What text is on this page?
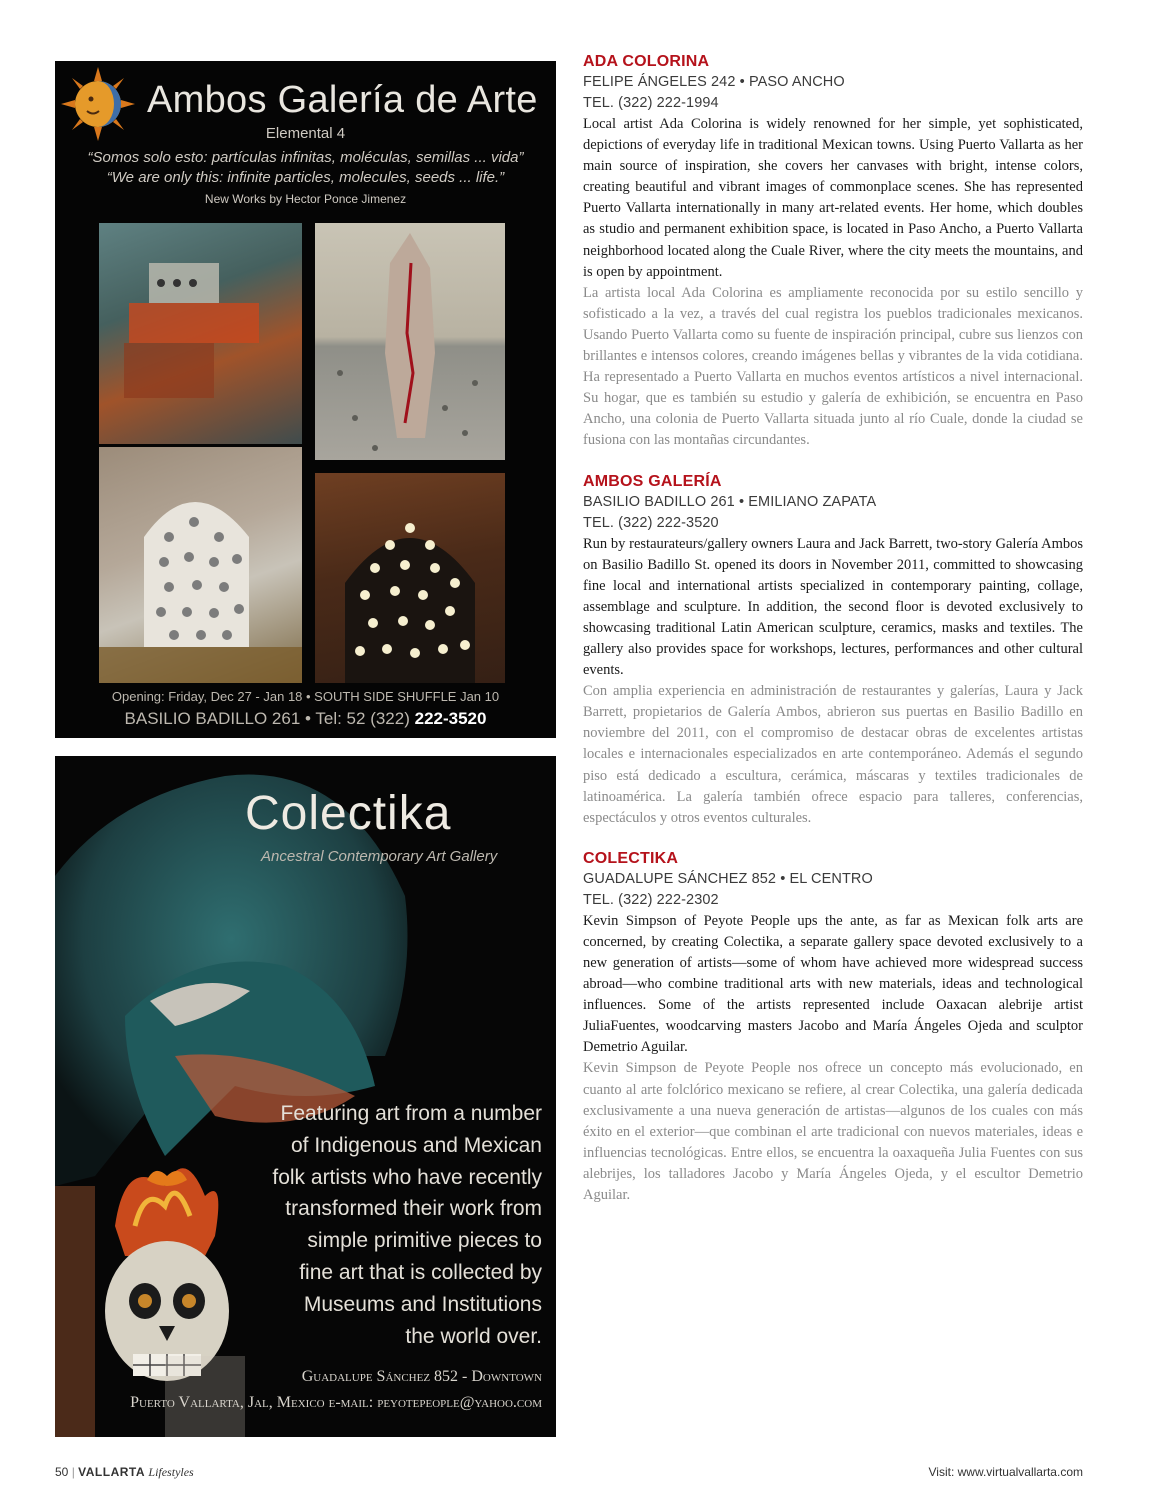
Ambos Galería de Arte
Elemental 4
“Somos solo esto: partículas infinitas, moléculas, semillas ... vida”
“We are only this: infinite particles, molecules, seeds ... life.”
New Works by Hector Ponce Jimenez
Opening: Friday, Dec 27 - Jan 18 • SOUTH SIDE SHUFFLE Jan 10
BASILIO BADILLO 261 • Tel: 52 (322) 222-3520
Colectika
Ancestral Contemporary Art Gallery
Featuring art from a number
of Indigenous and Mexican
folk artists who have recently
transformed their work from
simple primitive pieces to
fine art that is collected by
Museums and Institutions
the world over.
Guadalupe Sánchez 852 - Downtown
Puerto Vallarta, Jal, Mexico e-mail: peyotepeople@yahoo.com
ADA COLORINA
FELIPE ÁNGELES 242 • PASO ANCHO
TEL. (322) 222-1994

Local artist Ada Colorina is widely renowned for her simple, yet sophisticated, depictions of everyday life in traditional Mexican towns. Using Puerto Vallarta as her main source of inspiration, she covers her canvases with bright, intense colors, creating beautiful and vibrant images of commonplace scenes. She has represented Puerto Vallarta internationally in many art-related events. Her home, which doubles as studio and permanent exhibition space, is located in Paso Ancho, a Puerto Vallarta neighborhood located along the Cuale River, where the city meets the mountains, and is open by appointment.

La artista local Ada Colorina es ampliamente reconocida por su estilo sencillo y sofisticado a la vez, a través del cual registra los pueblos tradicionales mexicanos. Usando Puerto Vallarta como su fuente de inspiración principal, cubre sus lienzos con brillantes e intensos colores, creando imágenes bellas y vibrantes de la vida cotidiana. Ha representado a Puerto Vallarta en muchos eventos artísticos a nivel internacional. Su hogar, que es también su estudio y galería de exhibición, se encuentra en Paso Ancho, una colonia de Puerto Vallarta situada junto al río Cuale, donde la ciudad se fusiona con las montañas circundantes.

AMBOS GALERÍA
BASILIO BADILLO 261 • EMILIANO ZAPATA
TEL. (322) 222-3520

Run by restaurateurs/gallery owners Laura and Jack Barrett, two-story Galería Ambos on Basilio Badillo St. opened its doors in November 2011, committed to showcasing fine local and international artists specialized in contemporary painting, collage, assemblage and sculpture. In addition, the second floor is devoted exclusively to showcasing traditional Latin American sculpture, ceramics, masks and textiles. The gallery also provides space for workshops, lectures, performances and other cultural events.

Con amplia experiencia en administración de restaurantes y galerías, Laura y Jack Barrett, propietarios de Galería Ambos, abrieron sus puertas en Basilio Badillo en noviembre del 2011, con el compromiso de destacar obras de excelentes artistas locales e internacionales especializados en arte contemporáneo. Además el segundo piso está dedicado a escultura, cerámica, máscaras y textiles tradicionales de latinoamérica. La galería también ofrece espacio para talleres, conferencias, espectáculos y otros eventos culturales.

COLECTIKA
GUADALUPE SÁNCHEZ 852 • EL CENTRO
TEL. (322) 222-2302

Kevin Simpson of Peyote People ups the ante, as far as Mexican folk arts are concerned, by creating Colectika, a separate gallery space devoted exclusively to a new generation of artists—some of whom have achieved more widespread success abroad—who combine traditional arts with new materials, ideas and technological influences. Some of the artists represented include Oaxacan alebrije artist JuliaFuentes, woodcarving masters Jacobo and María Ángeles Ojeda and sculptor Demetrio Aguilar.

Kevin Simpson de Peyote People nos ofrece un concepto más evolucionado, en cuanto al arte folclórico mexicano se refiere, al crear Colectika, una galería dedicada exclusivamente a una nueva generación de artistas—algunos de los cuales con más éxito en el exterior—que combinan el arte tradicional con nuevos materiales, ideas e influencias tecnológicas. Entre ellos, se encuentra la oaxaqueña Julia Fuentes con sus alebrijes, los talladores Jacobo y María Ángeles Ojeda, y el escultor Demetrio Aguilar.

50 | VALLARTA Lifestyles	Visit: www.virtualvallarta.com
